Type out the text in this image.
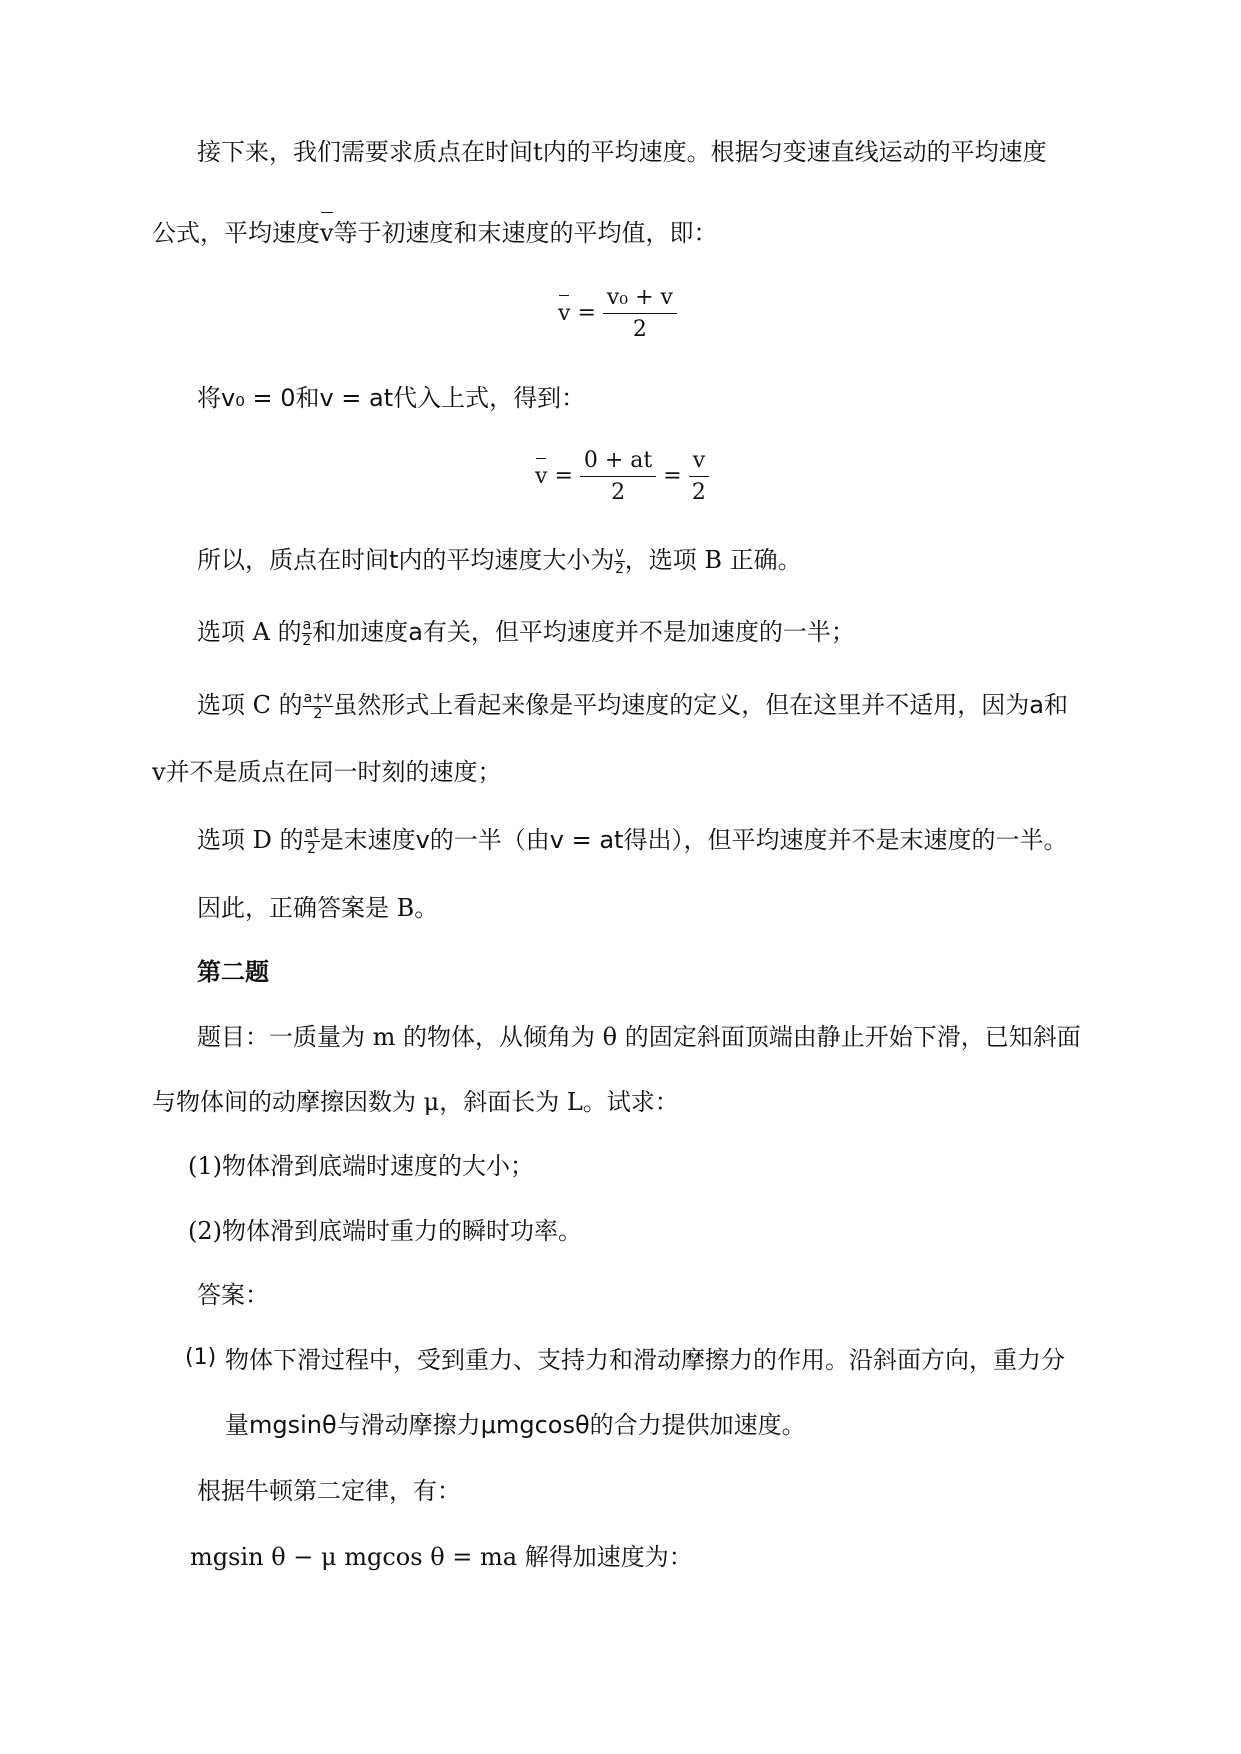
接下来，我们需要求质点在时间t内的平均速度。根据匀变速直线运动的平均速度
公式，平均速度v等于初速度和末速度的平均值，即：
$v = \frac{\text{v₀ + v}}{2}$
将v₀ = 0和v = at代入上式，得到：
$v = \frac{0 + at}{2} = \frac{v}{2}$
所以，质点在时间t内的平均速度大小为 $\frac{v}{2}$ ，选项 B 正确。
选项 A 的 $\frac{a}{2}$ 和加速度a有关，但平均速度并不是加速度的一半；
选项 C 的 $\frac{a+v}{2}$ 虽然形式上看起来像是平均速度的定义，但在这里并不适用，因为a和
v并不是质点在同一时刻的速度；
选项 D 的 $\frac{at}{2}$ 是末速度v的一半（由v = at得出），但平均速度并不是末速度的一半。
因此，正确答案是 B。
第二题
题目：一质量为 m 的物体，从倾角为 θ 的固定斜面顶端由静止开始下滑，已知斜面
与物体间的动摩擦因数为 μ，斜面长为 L。试求：
(1)物体滑到底端时速度的大小；
(2)物体滑到底端时重力的瞬时功率。
答案：
(1) 物体下滑过程中，受到重力、支持力和滑动摩擦力的作用。沿斜面方向，重力分
量mgsinθ与滑动摩擦力μmgcosθ的合力提供加速度。
根据牛顿第二定律，有：
mgsin θ − μ mgcos θ = ma 解得加速度为：
